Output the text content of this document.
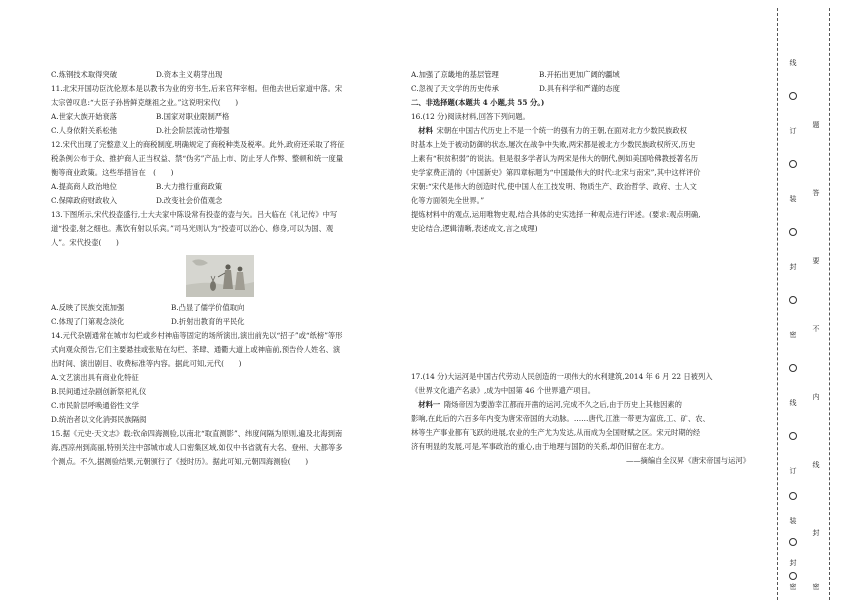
C.炼钢技术取得突破	D.资本主义萌芽出现
11.北宋开国功臣沈伦原本是以教书为业的穷书生,后来官拜宰相。但他去世后家道中落。宋
太宗曾叹息:“大臣子孙皆鲜克继祖之业。”这说明宋代(　　)
A.世家大族开始衰落	B.国家对职业限制严格
C.人身依附关系松弛	D.社会阶层流动性增强
12.宋代出现了完整意义上的商税制度,明确规定了商税种类及税率。此外,政府还采取了将征
税条例公布于众、推护商人正当权益、禁“伪劣”产品上市、防止牙人作弊、整顿和统一度量
衡等商业政策。这些举措旨在　(　　)
A.提高商人政治地位	B.大力推行重商政策
C.保障政府财政收入	D.改变社会价值观念
13.下图所示,宋代投壶盛行,士大夫家中陈设常有投壶的壶与矢。吕大临在《礼记传》中写
道“投壶,射之细也。燕饮有射以乐宾。”司马光则认为“投壶可以治心、修身,可以为国、观
人”。宋代投壶(　　)
A.反映了民族交流加强	B.凸显了儒学价值取向
C.体现了门第观念淡化	D.折射出教育的平民化
14.元代杂剧通常在城市勾栏或乡村神庙等固定的场所演出,演出前先以“招子”或“纸榜”等形
式向观众预告,它们主要悬挂或张贴在勾栏、茶肆、通衢大道上或神庙前,预告伶人姓名、演
出时间、演出剧目、收费标准等内容。据此可知,元代(　　)
A.文艺演出具有商业化特征
B.民间通过杂剧创新祭祀礼仪
C.市民阶层呼唤通俗性文学
D.统治者以文化消弭民族隔阂
15.据《元史·天文志》载:钦命四海测验,以南北“取直测影”、纬度间隔为原则,遍及北海到南
海,西凉州到高丽,特别关注中部城市或人口密集区域,如仅中书省就有大名、登州、大都等多
个测点。不久,据测验结果,元朝颁行了《授时历》。据此可知,元朝四海测验(　　)
A.加强了京畿地的基层管理	B.开拓出更加广阔的疆域
C.忽视了天文学的历史传承	D.具有科学和严谨的态度
二、非选择题(本题共 4 小题,共 55 分。)
16.(12 分)阅读材料,回答下列问题。
 材料  宋朝在中国古代历史上不是一个统一的强有力的王朝,在面对北方少数民族政权
时基本上处于被动防御的状态,屡次在战争中失败,两宋都是被北方少数民族政权所灭,历史
上素有“积贫积弱”的说法。但是很多学者认为两宋是伟大的朝代,例如美国哈佛教授著名历
史学家费正清的《中国新史》第四章标题为“中国最伟大的时代:北宋与南宋”,其中这样评价
宋朝:“宋代是伟大的创造时代,使中国人在工技发明、物质生产、政治哲学、政府、士人文
化等方面领先全世界。”
提炼材料中的观点,运用唯物史观,结合具体的史实选择一种观点进行评述。(要求:观点明确,
史论结合,逻辑清晰,表述成文,言之成理)
17.(14 分)大运河是中国古代劳动人民创造的一项伟大的水利建筑,2014 年 6 月 22 日被列入
《世界文化遗产名录》,成为中国第 46 个世界遗产项目。
 材料一  隋炀帝因为要游幸江都而开凿的运河,完成不久之后,由于历史上其他因素的
影响,在此后的六百多年内变为唐宋帝国的大动脉。……唐代,江淮一带更为富庶,工、矿、农、
林等生产事业都有飞跃的进展,农业的生产尤为发达,从而成为全国财赋之区。宋元时期的经
济有明显的发展,可是,军事政治的重心,由于地理与国防的关系,却仍旧留在北方。
——摘编自全汉昇《唐宋帝国与运河》
线
订
装
封
密
线
订
装
封
密
题
答
要
不
内
线
封
密
